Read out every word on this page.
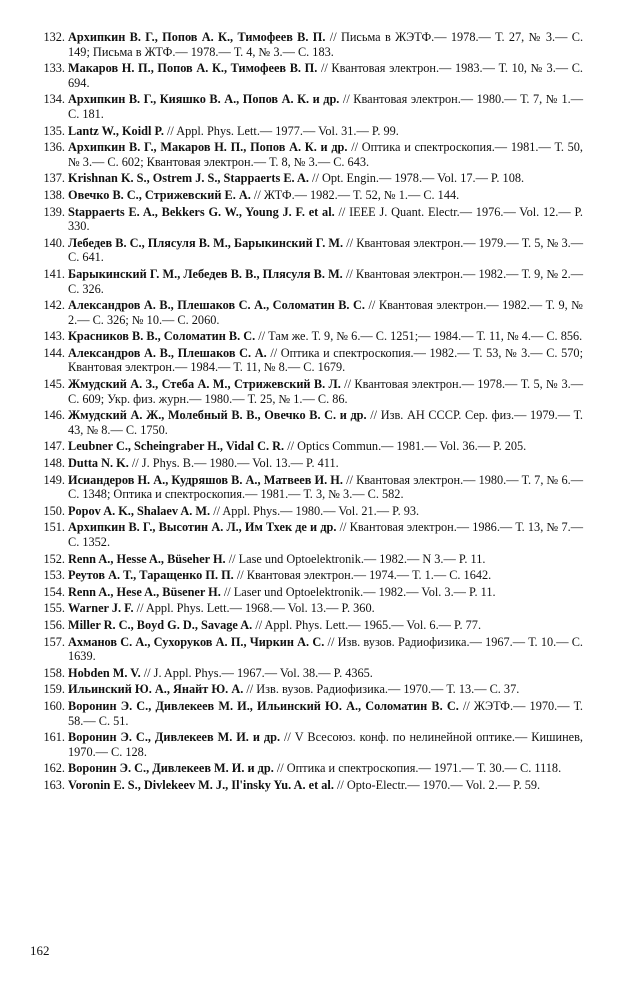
132. Архипкин В. Г., Попов А. К., Тимофеев В. П. // Письма в ЖЭТФ.— 1978.— Т. 27, № 3.— С. 149; Письма в ЖТФ.— 1978.— Т. 4, № 3.— С. 183.
133. Макаров Н. П., Попов А. К., Тимофеев В. П. // Квантовая электрон.— 1983.— Т. 10, № 3.— С. 694.
134. Архипкин В. Г., Кияшко В. А., Попов А. К. и др. // Квантовая электрон.— 1980.— Т. 7, № 1.— С. 181.
135. Lantz W., Koidl P. // Appl. Phys. Lett.— 1977.— Vol. 31.— P. 99.
136. Архипкин В. Г., Макаров Н. П., Попов А. К. и др. // Оптика и спектроскопия.— 1981.— Т. 50, № 3.— С. 602; Квантовая электрон.— Т. 8, № 3.— С. 643.
137. Krishnan K. S., Ostrem J. S., Stappaerts E. A. // Opt. Engin.— 1978.— Vol. 17.— P. 108.
138. Овечко В. С., Стрижевский Е. А. // ЖТФ.— 1982.— Т. 52, № 1.— С. 144.
139. Stappaerts E. A., Bekkers G. W., Young J. F. et al. // IEEE J. Quant. Electr.— 1976.— Vol. 12.— P. 330.
140. Лебедев В. С., Плясуля В. М., Барыкинский Г. М. // Квантовая электрон.— 1979.— Т. 5, № 3.— С. 641.
141. Барыкинский Г. М., Лебедев В. В., Плясуля В. М. // Квантовая электрон.— 1982.— Т. 9, № 2.— С. 326.
142. Александров А. В., Плешаков С. А., Соломатин В. С. // Квантовая электрон.— 1982.— Т. 9, № 2.— С. 326; № 10.— С. 2060.
143. Красников В. В., Соломатин В. С. // Там же. Т. 9, № 6.— С. 1251;— 1984.— Т. 11, № 4.— С. 856.
144. Александров А. В., Плешаков С. А. // Оптика и спектроскопия.— 1982.— Т. 53, № 3.— С. 570; Квантовая электрон.— 1984.— Т. 11, № 8.— С. 1679.
145. Жмудский А. З., Стеба А. М., Стрижевский В. Л. // Квантовая электрон.— 1978.— Т. 5, № 3.— С. 609; Укр. физ. журн.— 1980.— Т. 25, № 1.— С. 86.
146. Жмудский А. Ж., Молебный В. В., Овечко В. С. и др. // Изв. АН СССР. Сер. физ.— 1979.— Т. 43, № 8.— С. 1750.
147. Leubner C., Scheingraber H., Vidal C. R. // Optics Commun.— 1981.— Vol. 36.— P. 205.
148. Dutta N. K. // J. Phys. B.— 1980.— Vol. 13.— P. 411.
149. Исиандеров Н. А., Кудряшов В. А., Матвеев И. Н. // Квантовая электрон.— 1980.— Т. 7, № 6.— С. 1348; Оптика и спектроскопия.— 1981.— Т. 3, № 3.— С. 582.
150. Popov A. K., Shalaev A. M. // Appl. Phys.— 1980.— Vol. 21.— P. 93.
151. Архипкин В. Г., Высотин А. Л., Им Тхек де и др. // Квантовая электрон.— 1986.— Т. 13, № 7.— С. 1352.
152. Renn A., Hesse A., Büseher H. // Lase und Optoelektronik.— 1982.— N 3.— P. 11.
153. Реутов А. Т., Таращенко П. П. // Квантовая электрон.— 1974.— Т. 1.— С. 1642.
154. Renn A., Hese A., Büsener H. // Laser und Optoelektronik.— 1982.— Vol. 3.— P. 11.
155. Warner J. F. // Appl. Phys. Lett.— 1968.— Vol. 13.— P. 360.
156. Miller R. C., Boyd G. D., Savage A. // Appl. Phys. Lett.— 1965.— Vol. 6.— P. 77.
157. Ахманов С. А., Сухоруков А. П., Чиркин А. С. // Изв. вузов. Радиофизика.— 1967.— Т. 10.— С. 1639.
158. Hobden M. V. // J. Appl. Phys.— 1967.— Vol. 38.— P. 4365.
159. Ильинский Ю. А., Янайт Ю. А. // Изв. вузов. Радиофизика.— 1970.— Т. 13.— С. 37.
160. Воронин Э. С., Дивлекеев М. И., Ильинский Ю. А., Соломатин В. С. // ЖЭТФ.— 1970.— Т. 58.— С. 51.
161. Воронин Э. С., Дивлекеев М. И. и др. // V Всесоюз. конф. по нелинейной оптике.— Кишинев, 1970.— С. 128.
162. Воронин Э. С., Дивлекеев М. И. и др. // Оптика и спектроскопия.— 1971.— Т. 30.— С. 1118.
163. Voronin E. S., Divlekeev M. J., Il'insky Yu. A. et al. // Opto-Electr.— 1970.— Vol. 2.— P. 59.
162
